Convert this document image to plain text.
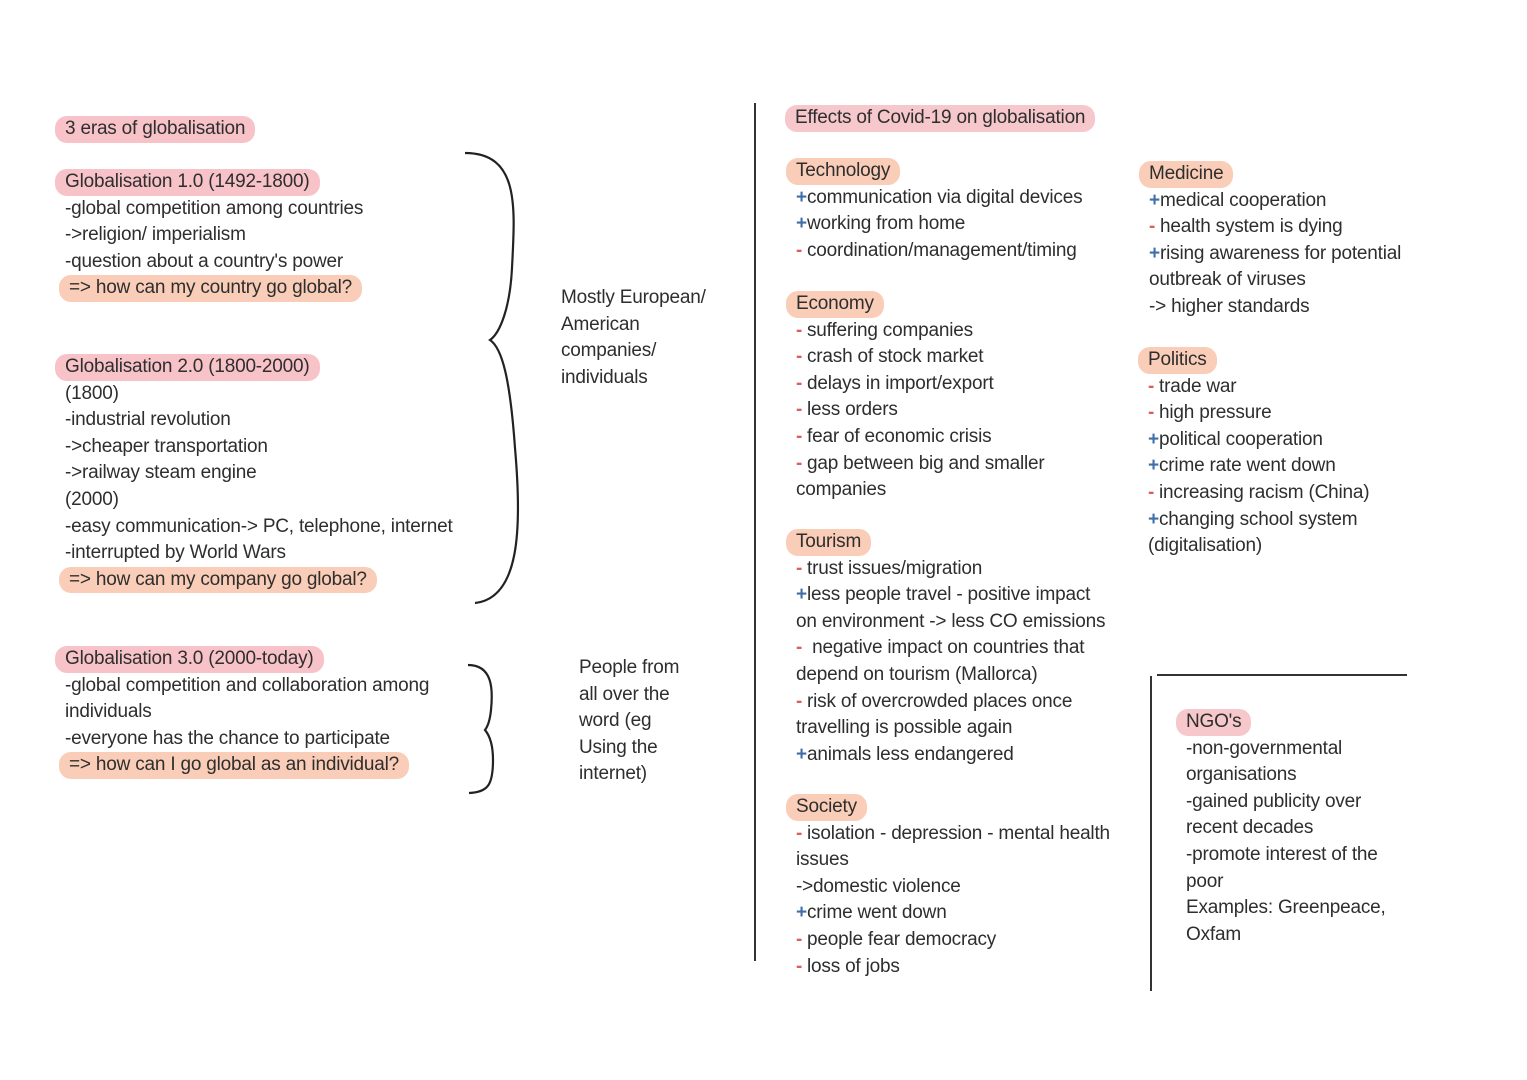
3 eras of globalisation
Globalisation 1.0 (1492-1800)
-global competition among countries
->religion/ imperialism
-question about a country's power
=> how can my country go global?
Globalisation 2.0 (1800-2000)
(1800)
-industrial revolution
->cheaper transportation
->railway steam engine
(2000)
-easy communication-> PC, telephone, internet
-interrupted by World Wars
=> how can my company go global?
Globalisation 3.0 (2000-today)
-global competition and collaboration among
individuals
-everyone has the chance to participate
=> how can I go global as an individual?
Mostly European/
American
companies/
individuals
People from
all over the
word (eg
Using the
internet)
Effects of Covid-19 on globalisation
Technology
+communication via digital devices
+working from home
- coordination/management/timing
Economy
- suffering companies
- crash of stock market
- delays in import/export
- less orders
- fear of economic crisis
- gap between big and smaller
companies
Tourism
- trust issues/migration
+less people travel - positive impact
on environment -> less CO emissions
- negative impact on countries that
depend on tourism (Mallorca)
- risk of overcrowded places once
travelling is possible again
+animals less endangered
Society
- isolation - depression - mental health
issues
->domestic violence
+crime went down
- people fear democracy
- loss of jobs
Medicine
+medical cooperation
- health system is dying
+rising awareness for potential
outbreak of viruses
-> higher standards
Politics
- trade war
- high pressure
+political cooperation
+crime rate went down
- increasing racism (China)
+changing school system
(digitalisation)
NGO's
-non-governmental
organisations
-gained publicity over
recent decades
-promote interest of the
poor
Examples: Greenpeace,
Oxfam
